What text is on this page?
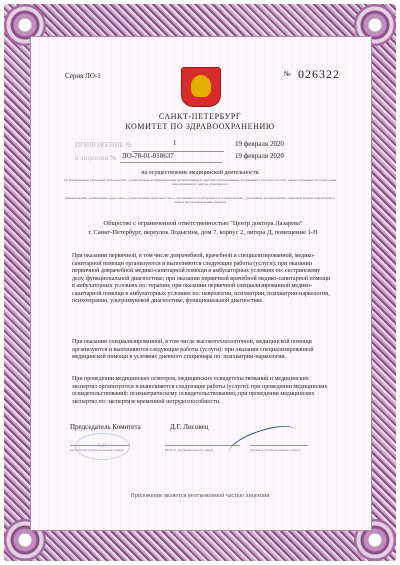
Серия ЛО-1	№ 026322
САНКТ-ПЕТЕРБУРГ
КОМИТЕТ ПО ЗДРАВООХРАНЕНИЮ
ПРИЛОЖЕНИЕ №	1	19 февраля 2020
к лицензии № ЛО-78-01-010637	19 февраля 2020
на осуществление медицинской деятельности
(за исключением указанной деятельности, осуществляемой медицинскими организациями и другими организациями, входящими в частную систему здравоохранения, на территории инновационного центра «Сколково»)
(наименование организации, адрес места осуществления деятельности, в отношении которой прилагается приложение, с указанием организационно-правовой формы юридического лица и места нахождения объекта)
Общество с ограниченной ответственностью "Центр доктора Лазарева"
г. Санкт-Петербург, переулок Лодыгина, дом 7, корпус 2, литера Д, помещение 1-Н
При оказании первичной, в том числе доврачебной, врачебной и специализированной, медико-санитарной помощи организуются и выполняются следующие работы (услуги): при оказании первичной доврачебной медико-санитарной помощи в амбулаторных условиях по: сестринскому делу, функциональной диагностике; при оказании первичной врачебной медико-санитарной помощи в амбулаторных условиях по: терапии; при оказании первичной специализированной медико-санитарной помощи в амбулаторных условиях по: неврологии, психиатрии, психиатрии-наркологии, психотерапии, ультразвуковой диагностике, функциональной диагностике.
При оказании специализированной, в том числе высокотехнологичной, медицинской помощи организуются и выполняются следующие работы (услуги): при оказании специализированной медицинской помощи в условиях дневного стационара по: психиатрии-наркологии.
При проведении медицинских осмотров, медицинских освидетельствований и медицинских экспертиз организуются и выполняются следующие работы (услуги): при проведении медицинских освидетельствований: психиатрическому освидетельствованию; при проведении медицинских экспертиз по: экспертизе временной нетрудоспособности.
Председатель Комитета	Д.Г. Лисовец
(должность уполномоченного лица)	(Ф.И.О. уполномоченного лица)	(подпись уполномоченного лица)
М.П.
Приложение является неотъемлемой частью лицензии
